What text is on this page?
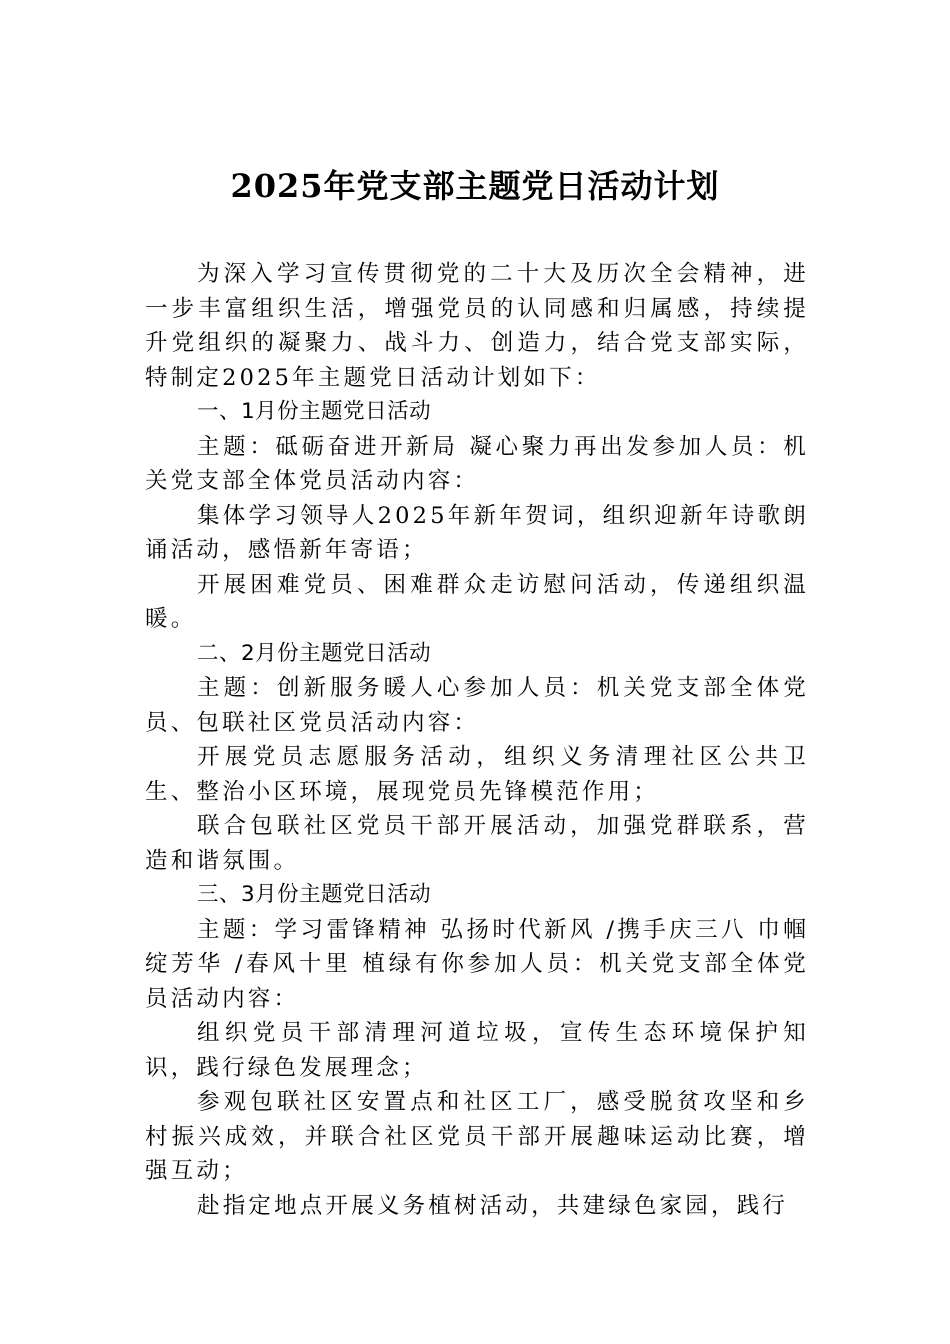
2025年党支部主题党日活动计划

为深入学习宣传贯彻党的二十大及历次全会精神，进一步丰富组织生活，增强党员的认同感和归属感，持续提升党组织的凝聚力、战斗力、创造力，结合党支部实际，特制定2025年主题党日活动计划如下：

一、1月份主题党日活动

主题：砥砺奋进开新局 凝心聚力再出发参加人员：机关党支部全体党员活动内容：

集体学习领导人2025年新年贺词，组织迎新年诗歌朗诵活动，感悟新年寄语；

开展困难党员、困难群众走访慰问活动，传递组织温暖。

二、2月份主题党日活动

主题：创新服务暖人心参加人员：机关党支部全体党员、包联社区党员活动内容：

开展党员志愿服务活动，组织义务清理社区公共卫生、整治小区环境，展现党员先锋模范作用；

联合包联社区党员干部开展活动，加强党群联系，营造和谐氛围。

三、3月份主题党日活动

主题：学习雷锋精神 弘扬时代新风 /携手庆三八 巾帼绽芳华 /春风十里 植绿有你参加人员：机关党支部全体党员活动内容：

组织党员干部清理河道垃圾，宣传生态环境保护知识，践行绿色发展理念；

参观包联社区安置点和社区工厂，感受脱贫攻坚和乡村振兴成效，并联合社区党员干部开展趣味运动比赛，增强互动；

赴指定地点开展义务植树活动，共建绿色家园，践行
